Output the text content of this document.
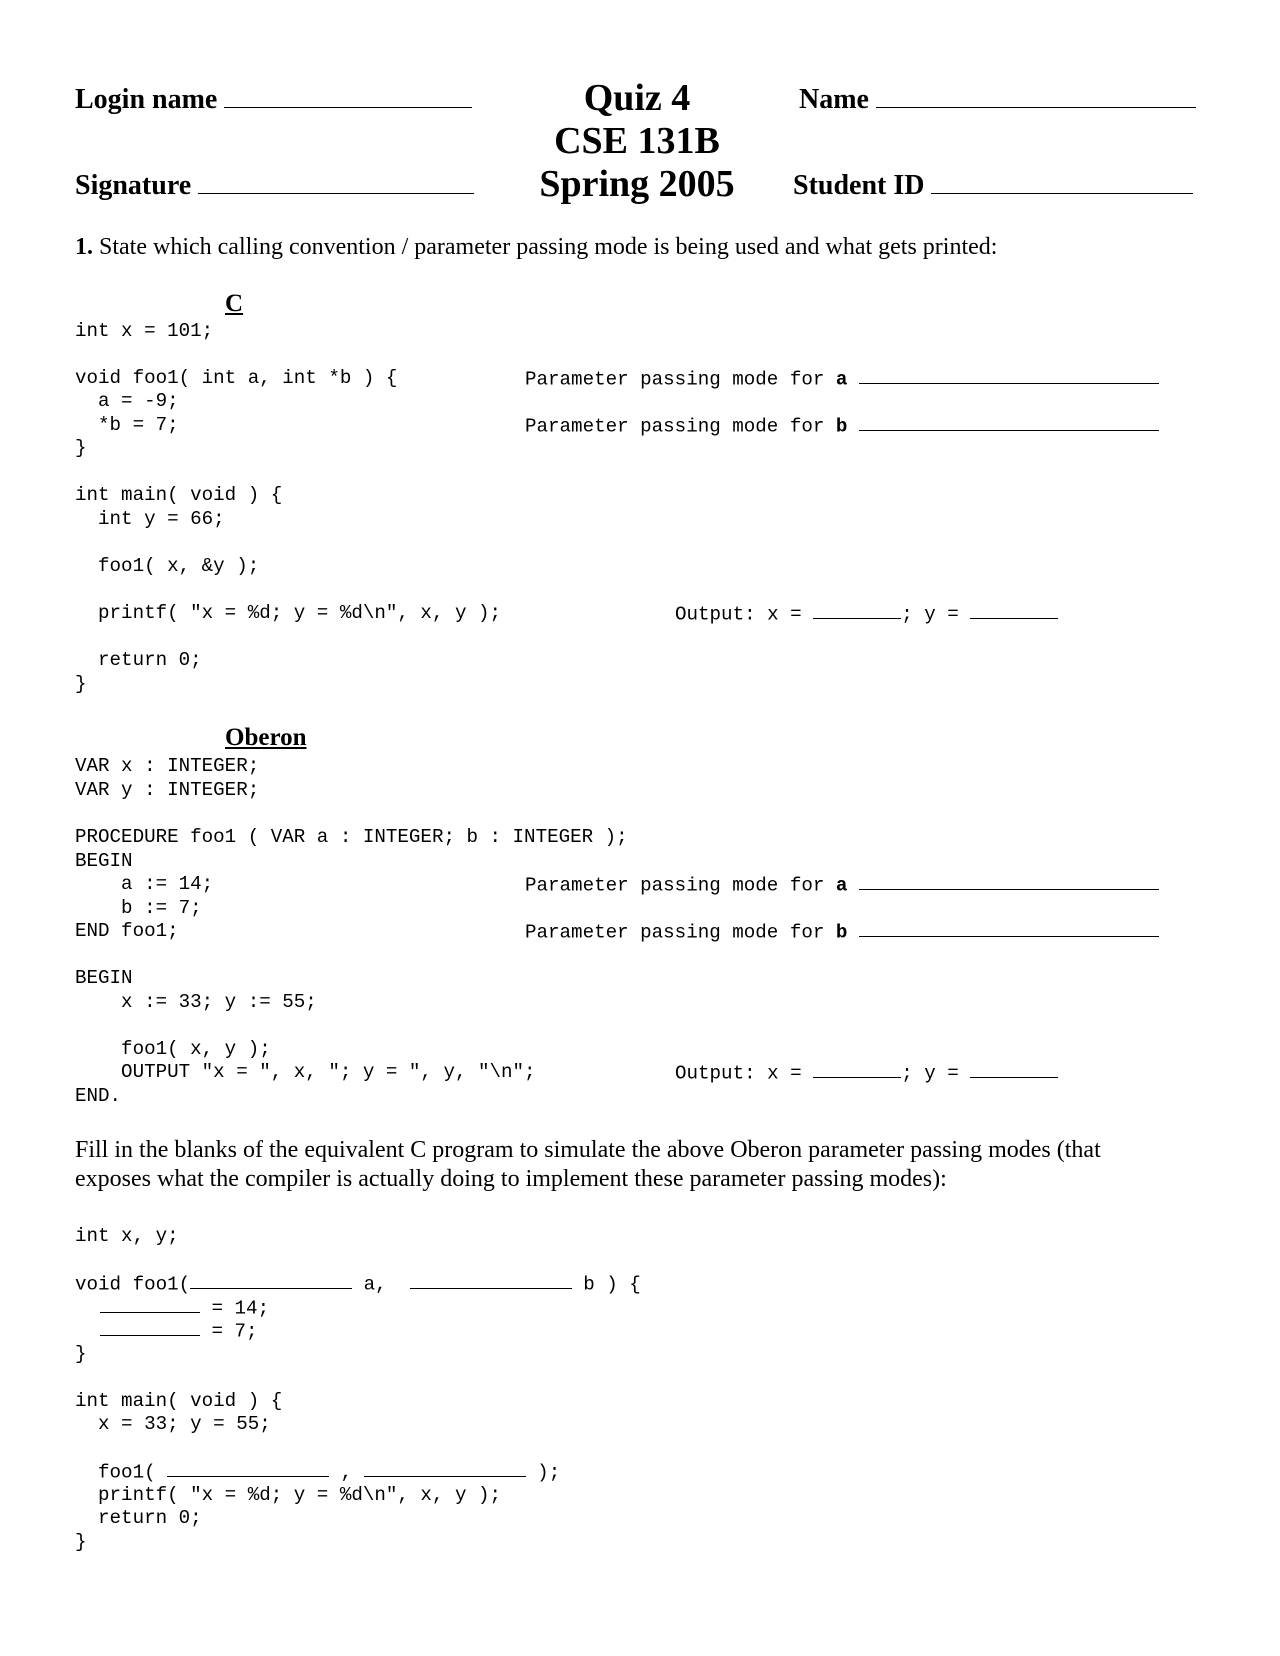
Login name
Signature
Quiz 4
CSE 131B
Spring 2005
Name
Student ID
1. State which calling convention / parameter passing mode is being used and what gets printed:
C
int x = 101;
void foo1( int a, int *b ) {
a = -9;
*b = 7;
}
int main( void ) {
int y = 66;
foo1( x, &y );
printf( "x = %d; y = %d\n", x, y );
return 0;
}
Parameter passing mode for a
Parameter passing mode for b
Output: x =	; y =
Oberon
VAR x : INTEGER;
VAR y : INTEGER;
PROCEDURE foo1 ( VAR a : INTEGER; b : INTEGER );
BEGIN
a := 14;
b := 7;
END foo1;
BEGIN
x := 33; y := 55;
foo1( x, y );
OUTPUT "x = ", x, "; y = ", y, "\n";
END.
Parameter passing mode for a
Parameter passing mode for b
Output: x =	; y =
Fill in the blanks of the equivalent C program to simulate the above Oberon parameter passing modes (that
exposes what the compiler is actually doing to implement these parameter passing modes):
int x, y;
void foo1(	a,	b ) {
= 14;
= 7;
}
int main( void ) {
x = 33; y = 55;
foo1(	,	);
printf( "x = %d; y = %d\n", x, y );
return 0;
}
